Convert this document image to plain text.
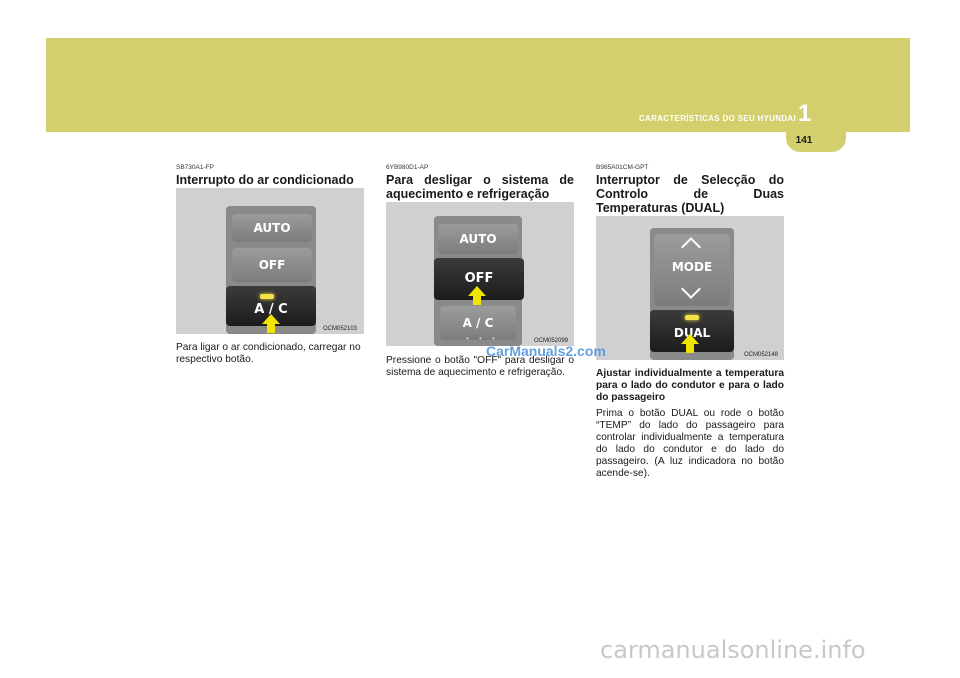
CARACTERÍSTICAS DO SEU HYUNDAI 1
141
SB730A1-FP
Interrupto do ar condicionado
AUTO
OFF
A / C
OCM052103

Para ligar o ar condicionado, carregar no respectivo botão.

6YB980D1-AP
Para desligar o sistema de aquecimento e refrigeração
AUTO
OFF
A / C
• • •	OCM052099

Pressione o botão "OFF" para desligar o sistema de aquecimento e refrigeração.

B985A01CM-GPT
Interruptor de Selecção do Controlo de Duas Temperaturas (DUAL)
MODE
DUAL
OCM052148

Ajustar individualmente a temperatura para o lado do condutor e para o lado do passageiro

Prima o botão DUAL ou rode o botão “TEMP” do lado do passageiro para controlar individualmente a temperatura do lado do condutor e do lado do passageiro. (A luz indicadora no botão acende-se).

CarManuals2.com
carmanualsonline.info
